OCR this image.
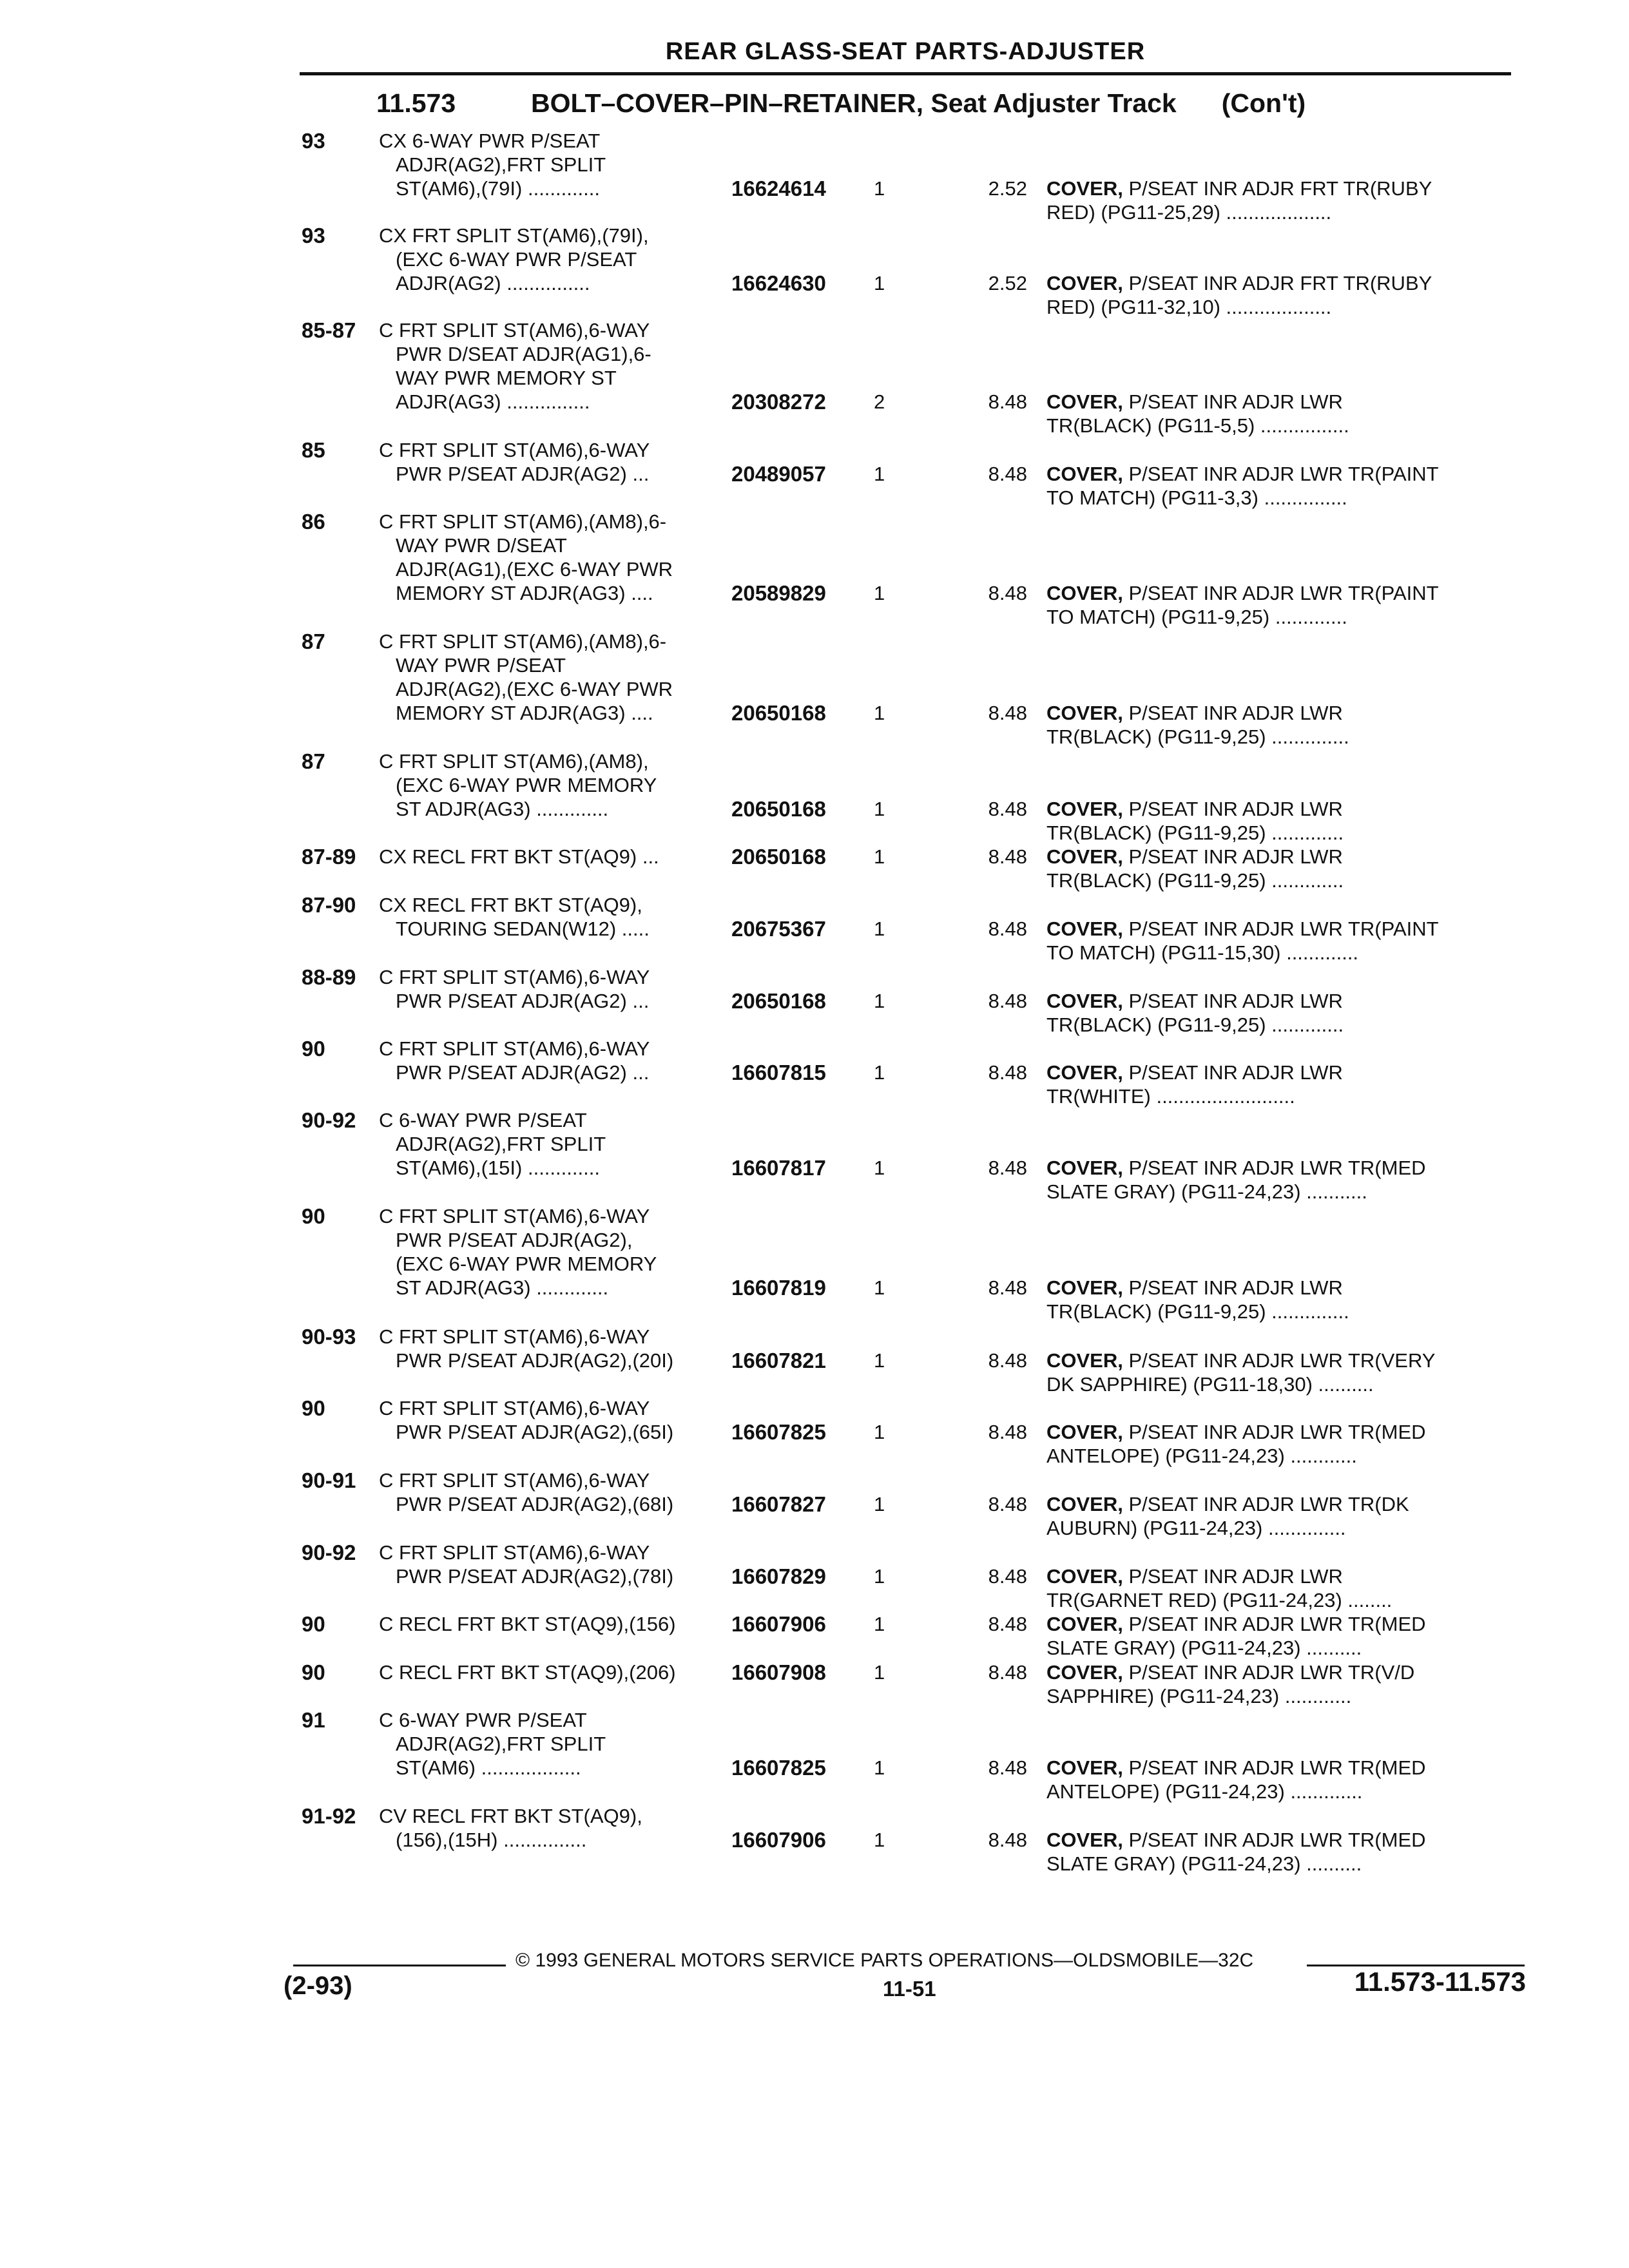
REAR GLASS-SEAT PARTS-ADJUSTER
11.573	BOLT–COVER–PIN–RETAINER, Seat Adjuster Track (Con't)
93	CX 6-WAY PWR P/SEAT
ADJR(AG2),FRT SPLIT
ST(AM6),(79I) .............	16624614	1	2.52 COVER, P/SEAT INR ADJR FRT TR(RUBY
RED) (PG11-25,29) ...................
93	CX FRT SPLIT ST(AM6),(79I),
(EXC 6-WAY PWR P/SEAT
ADJR(AG2) ...............	16624630	1	2.52 COVER, P/SEAT INR ADJR FRT TR(RUBY
RED) (PG11-32,10) ...................
85-87	C FRT SPLIT ST(AM6),6-WAY
PWR D/SEAT ADJR(AG1),6-
WAY PWR MEMORY ST
ADJR(AG3) ...............	20308272	2	8.48 COVER, P/SEAT INR ADJR LWR
TR(BLACK) (PG11-5,5) ................
85	C FRT SPLIT ST(AM6),6-WAY
PWR P/SEAT ADJR(AG2) ...	20489057	1	8.48 COVER, P/SEAT INR ADJR LWR TR(PAINT
TO MATCH) (PG11-3,3) ...............
86	C FRT SPLIT ST(AM6),(AM8),6-
WAY PWR D/SEAT
ADJR(AG1),(EXC 6-WAY PWR
MEMORY ST ADJR(AG3) ....	20589829	1	8.48 COVER, P/SEAT INR ADJR LWR TR(PAINT
TO MATCH) (PG11-9,25) .............
87	C FRT SPLIT ST(AM6),(AM8),6-
WAY PWR P/SEAT
ADJR(AG2),(EXC 6-WAY PWR
MEMORY ST ADJR(AG3) ....	20650168	1	8.48 COVER, P/SEAT INR ADJR LWR
TR(BLACK) (PG11-9,25) ..............
87	C FRT SPLIT ST(AM6),(AM8),
(EXC 6-WAY PWR MEMORY
ST ADJR(AG3) .............	20650168	1	8.48 COVER, P/SEAT INR ADJR LWR
TR(BLACK) (PG11-9,25) .............
87-89	CX RECL FRT BKT ST(AQ9) ...	20650168	1	8.48 COVER, P/SEAT INR ADJR LWR
TR(BLACK) (PG11-9,25) .............
87-90	CX RECL FRT BKT ST(AQ9),
TOURING SEDAN(W12) .....	20675367	1	8.48 COVER, P/SEAT INR ADJR LWR TR(PAINT
TO MATCH) (PG11-15,30) .............
88-89	C FRT SPLIT ST(AM6),6-WAY
PWR P/SEAT ADJR(AG2) ...	20650168	1	8.48 COVER, P/SEAT INR ADJR LWR
TR(BLACK) (PG11-9,25) .............
90	C FRT SPLIT ST(AM6),6-WAY
PWR P/SEAT ADJR(AG2) ...	16607815	1	8.48 COVER, P/SEAT INR ADJR LWR
TR(WHITE) .........................
90-92	C 6-WAY PWR P/SEAT
ADJR(AG2),FRT SPLIT
ST(AM6),(15I) .............	16607817	1	8.48 COVER, P/SEAT INR ADJR LWR TR(MED
SLATE GRAY) (PG11-24,23) ...........
90	C FRT SPLIT ST(AM6),6-WAY
PWR P/SEAT ADJR(AG2),
(EXC 6-WAY PWR MEMORY
ST ADJR(AG3) .............	16607819	1	8.48 COVER, P/SEAT INR ADJR LWR
TR(BLACK) (PG11-9,25) ..............
90-93	C FRT SPLIT ST(AM6),6-WAY
PWR P/SEAT ADJR(AG2),(20I)	16607821	1	8.48 COVER, P/SEAT INR ADJR LWR TR(VERY
DK SAPPHIRE) (PG11-18,30) ..........
90	C FRT SPLIT ST(AM6),6-WAY
PWR P/SEAT ADJR(AG2),(65I)	16607825	1	8.48 COVER, P/SEAT INR ADJR LWR TR(MED
ANTELOPE) (PG11-24,23) ............
90-91	C FRT SPLIT ST(AM6),6-WAY
PWR P/SEAT ADJR(AG2),(68I)	16607827	1	8.48 COVER, P/SEAT INR ADJR LWR TR(DK
AUBURN) (PG11-24,23) ..............
90-92	C FRT SPLIT ST(AM6),6-WAY
PWR P/SEAT ADJR(AG2),(78I)	16607829	1	8.48 COVER, P/SEAT INR ADJR LWR
TR(GARNET RED) (PG11-24,23) ........
90	C RECL FRT BKT ST(AQ9),(156)	16607906	1	8.48 COVER, P/SEAT INR ADJR LWR TR(MED
SLATE GRAY) (PG11-24,23) ..........
90	C RECL FRT BKT ST(AQ9),(206)	16607908	1	8.48 COVER, P/SEAT INR ADJR LWR TR(V/D
SAPPHIRE) (PG11-24,23) ............
91	C 6-WAY PWR P/SEAT
ADJR(AG2),FRT SPLIT
ST(AM6) ..................	16607825	1	8.48 COVER, P/SEAT INR ADJR LWR TR(MED
ANTELOPE) (PG11-24,23) .............
91-92	CV RECL FRT BKT ST(AQ9),
(156),(15H) ...............	16607906	1	8.48 COVER, P/SEAT INR ADJR LWR TR(MED
SLATE GRAY) (PG11-24,23) ..........
© 1993 GENERAL MOTORS SERVICE PARTS OPERATIONS—OLDSMOBILE—32C
(2-93)	11-51	11.573-11.573
